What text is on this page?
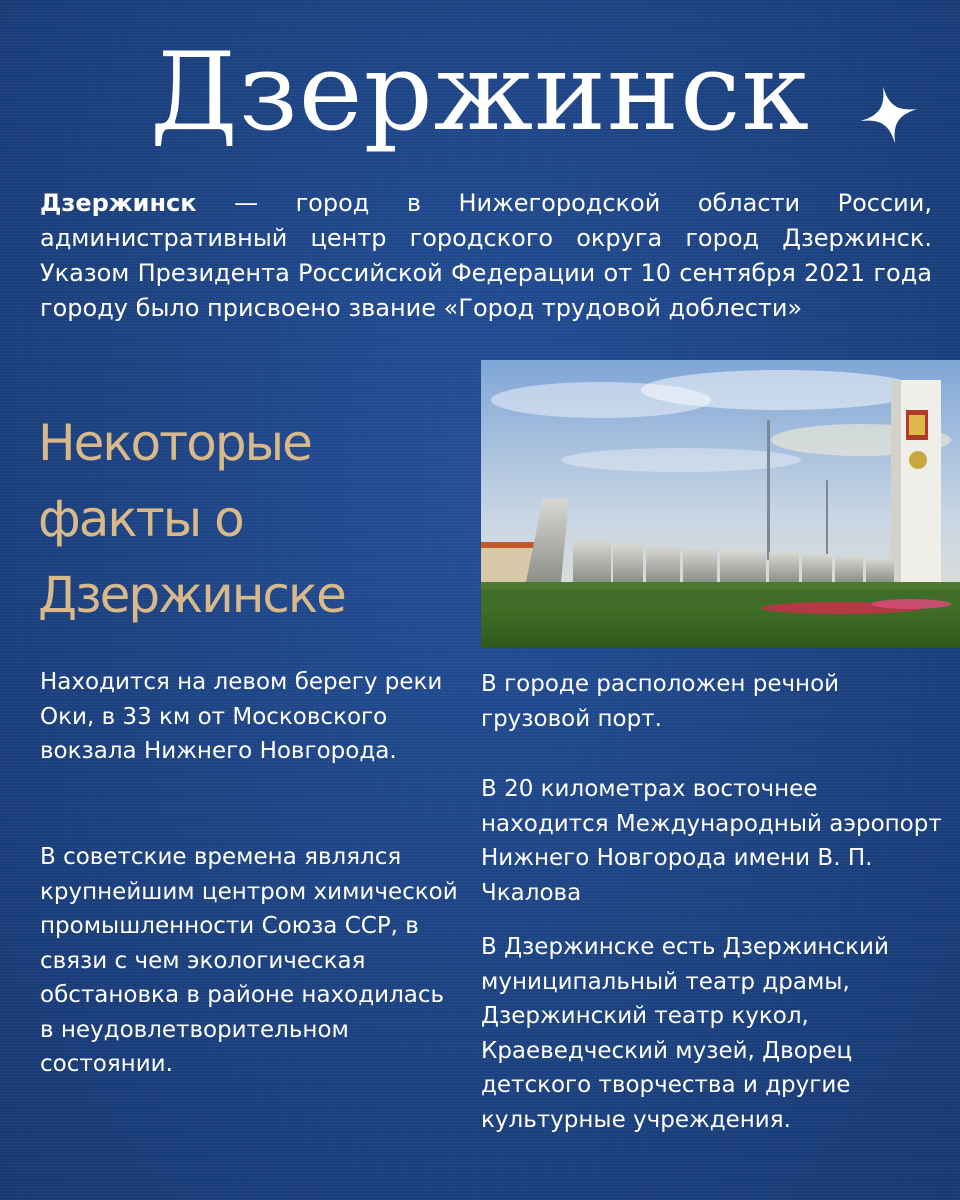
Дзержинск

Дзержинск — город в Нижегородской области России, административный центр городского округа город Дзержинск. Указом Президента Российской Федерации от 10 сентября 2021 года городу было присвоено звание «Город трудовой доблести»

Некоторые
факты о
Дзержинске

Находится на левом берегу реки Оки, в 33 км от Московского вокзала Нижнего Новгорода.

В советские времена являлся крупнейшим центром химической промышленности Союза ССР, в связи с чем экологическая обстановка в районе находилась в неудовлетворительном состоянии.

В городе расположен речной грузовой порт.

В 20 километрах восточнее находится Международный аэропорт Нижнего Новгорода имени В. П. Чкалова

В Дзержинске есть Дзержинский муниципальный театр драмы, Дзержинский театр кукол, Краеведческий музей, Дворец детского творчества и другие культурные учреждения.
